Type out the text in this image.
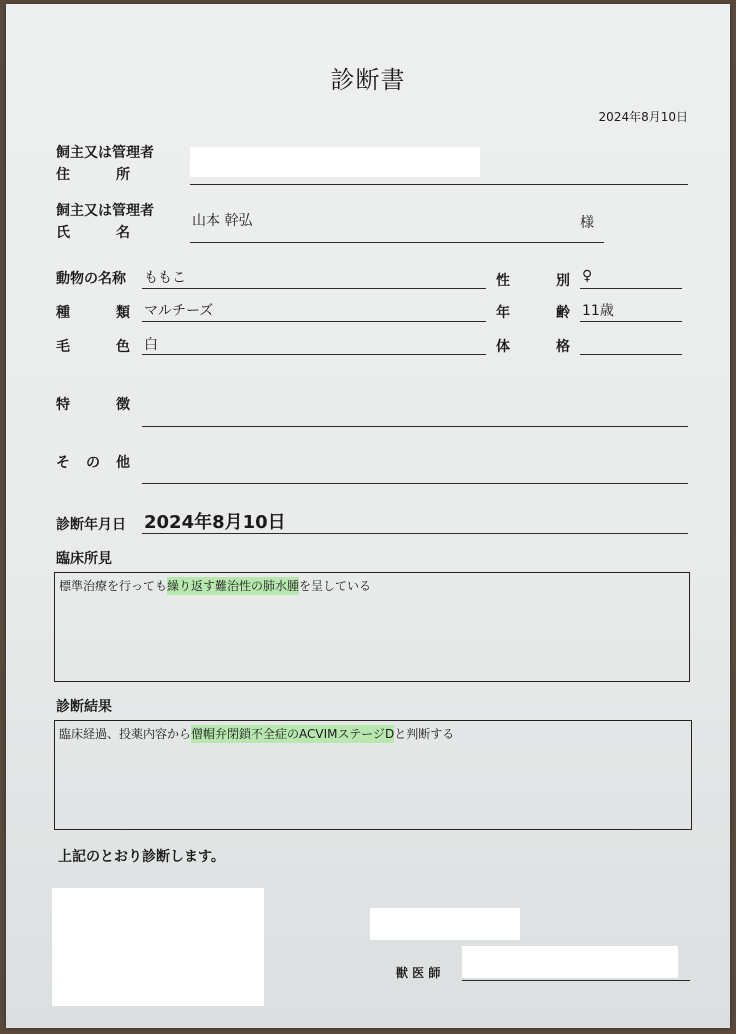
診断書
2024年8月10日
飼主又は管理者
住	所
飼主又は管理者
氏	名
山本 幹弘	様
動物の名称 ももこ	性	別 ♀
種	類 マルチーズ	年	齢 11歳
毛	色 白	体	格
特	徴
そ の 他
診断年月日 2024年8月10日
臨床所見
標準治療を行っても繰り返す難治性の肺水腫を呈している
診断結果
臨床経過、投薬内容から僧帽弁閉鎖不全症のACVIMステージDと判断する
上記のとおり診断します。
獣 医 師
